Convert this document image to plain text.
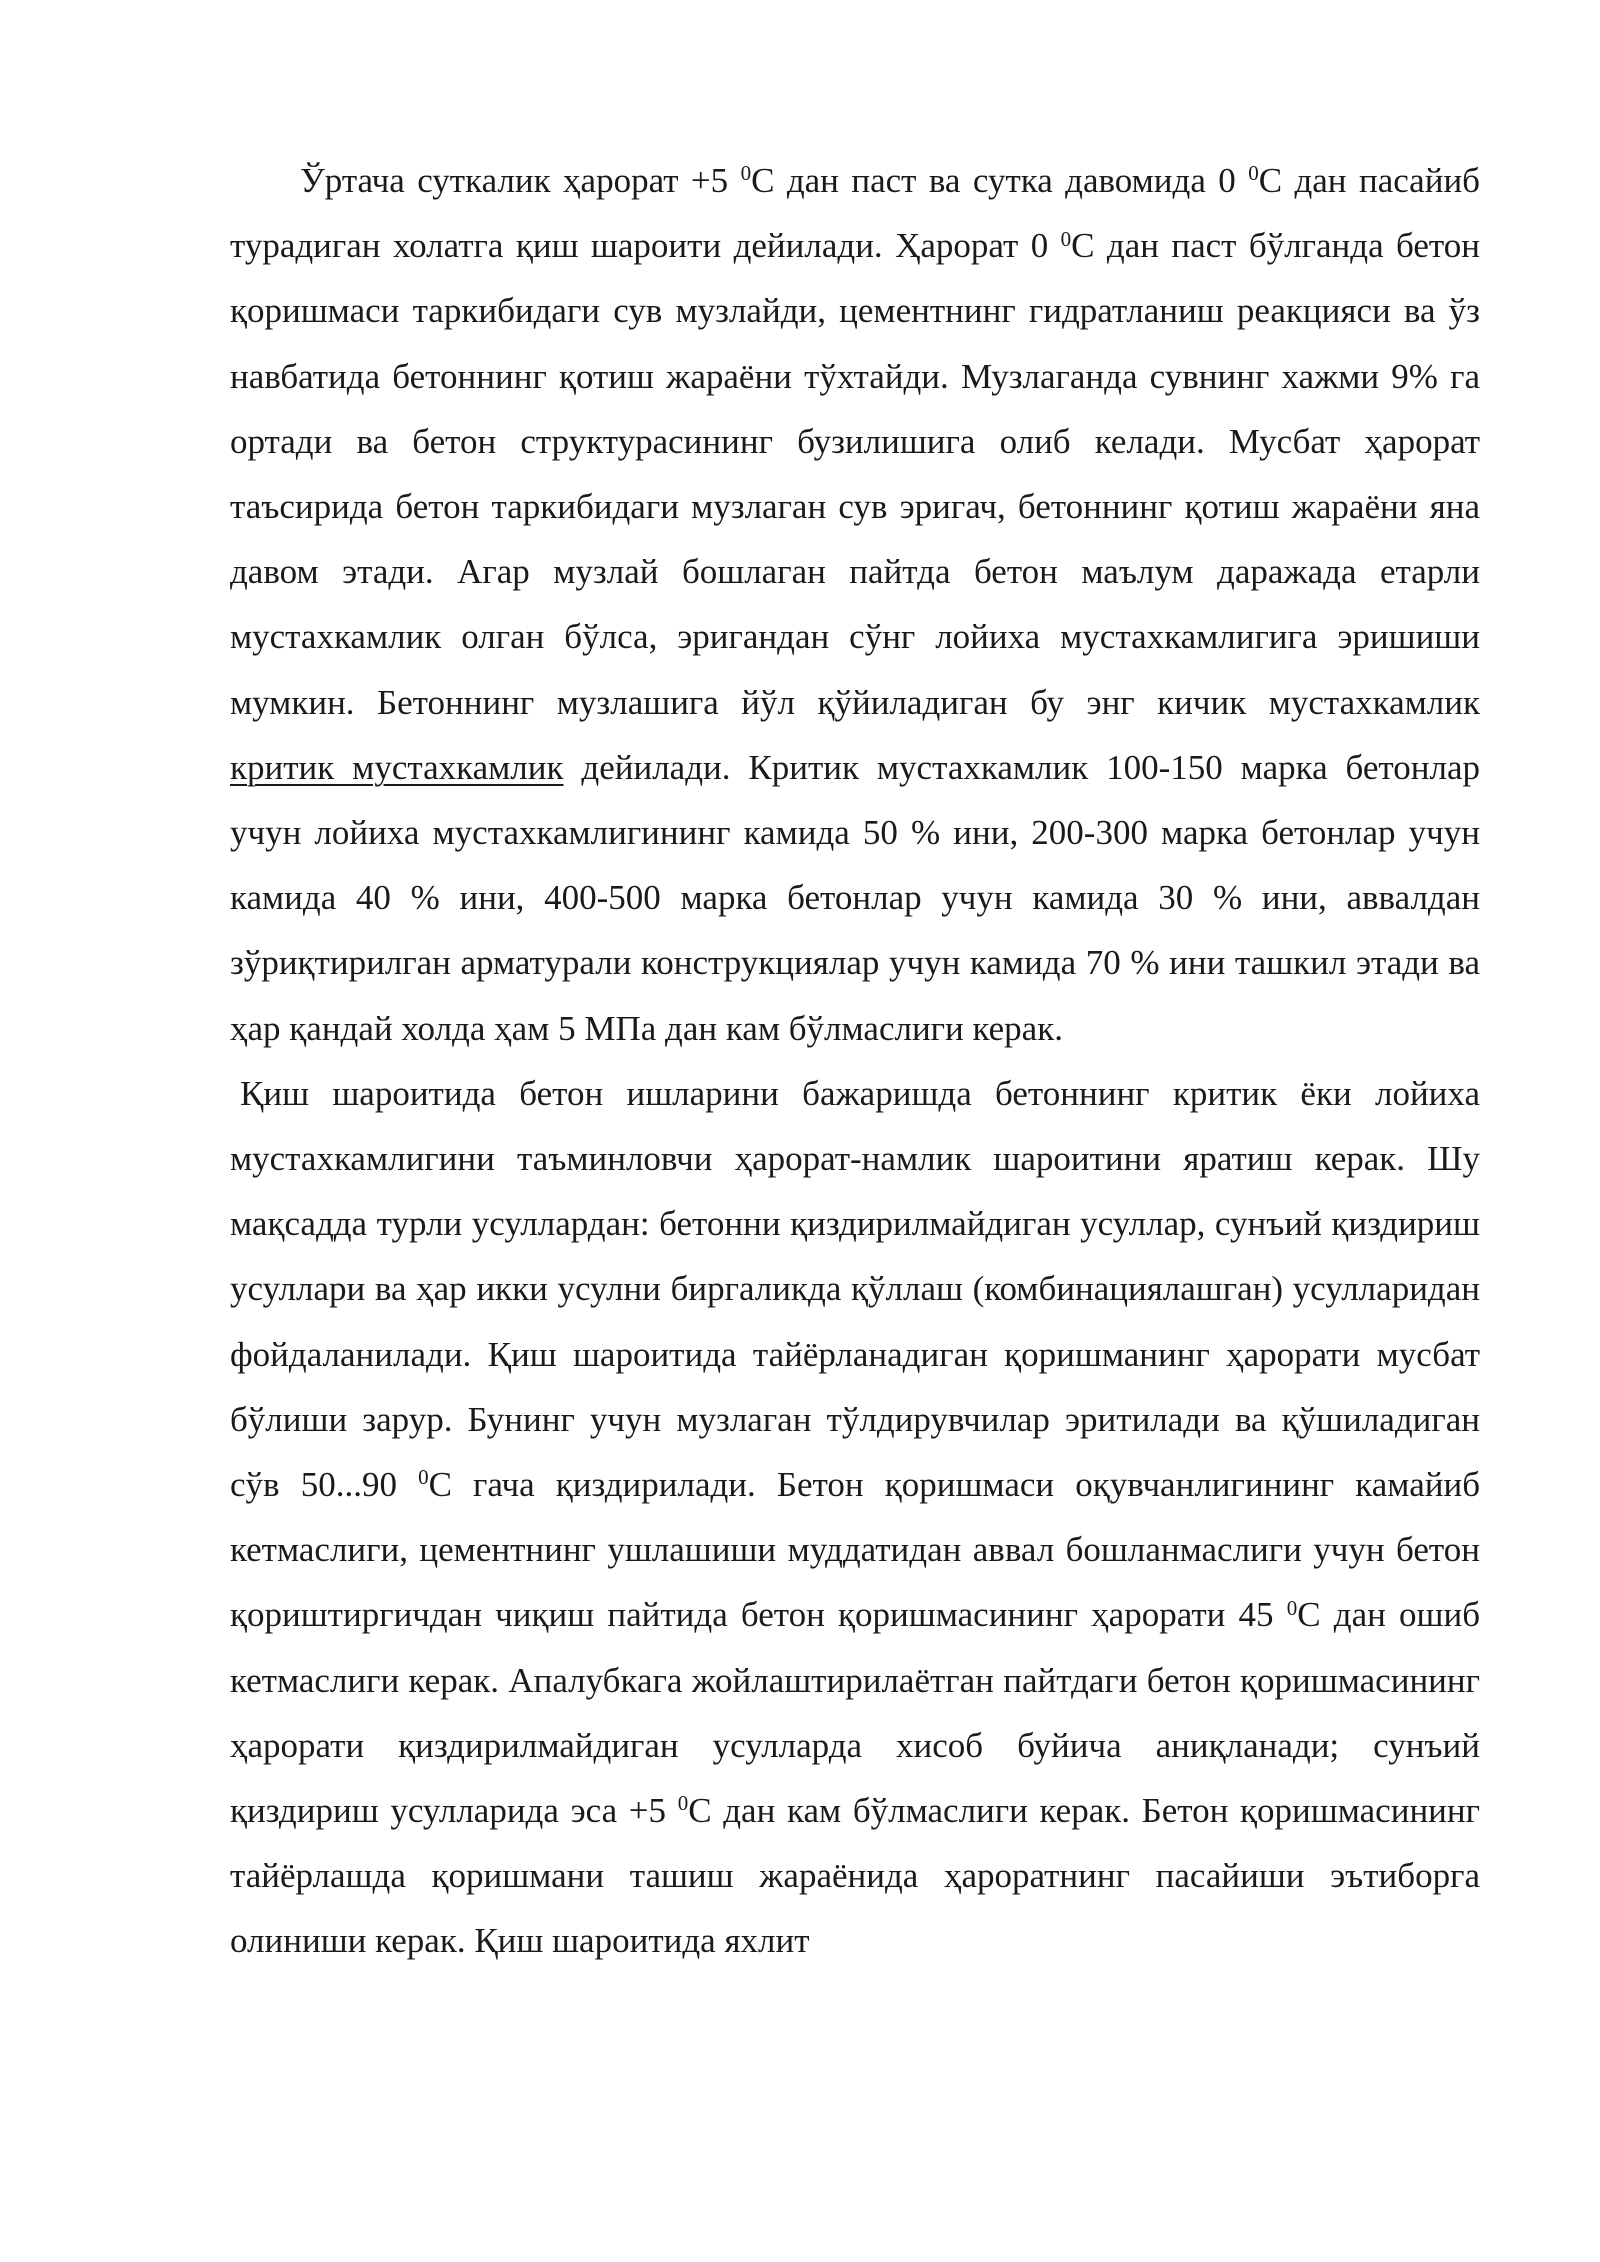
Ўртача суткалик ҳарорат +5 $^0$С дан паст ва сутка давомида 0 $^0$С дан пасайиб турадиган холатга қиш шароити дейилади. Ҳарорат 0 $^0$С дан паст бўлганда бетон қоришмаси таркибидаги сув музлайди, цементнинг гидратланиш реакцияси ва ўз навбатида бетоннинг қотиш жараёни тўхтайди. Музлаганда сувнинг хажми 9% га ортади ва бетон структурасининг бузилишига олиб келади. Мусбат ҳарорат таъсирида бетон таркибидаги музлаган сув эригач, бетоннинг қотиш жараёни яна давом этади. Агар музлай бошлаган пайтда бетон маълум даражада етарли мустахкамлик олган бўлса, эригандан сўнг лойиха мустахкамлигига эришиши мумкин. Бетоннинг музлашига йўл қўйиладиган бу энг кичик мустахкамлик критик мустахкамлик дейилади. Критик мустахкамлик 100-150 марка бетонлар учун лойиха мустахкамлигининг камида 50 % ини, 200-300 марка бетонлар учун камида 40 % ини, 400-500 марка бетонлар учун камида 30 % ини, аввалдан зўриқтирилган арматурали конструкциялар учун камида 70 % ини ташкил этади ва ҳар қандай холда ҳам 5 МПа дан кам бўлмаслиги керак.

Қиш шароитида бетон ишларини бажаришда бетоннинг критик ёки лойиха мустахкамлигини таъминловчи ҳарорат-намлик шароитини яратиш керак. Шу мақсадда турли усуллардан: бетонни қиздирилмайдиган усуллар, сунъий қиздириш усуллари ва ҳар икки усулни биргаликда қўллаш (комбинациялашган) усулларидан фойдаланилади. Қиш шароитида тайёрланадиган қоришманинг ҳарорати мусбат бўлиши зарур. Бунинг учун музлаган тўлдирувчилар эритилади ва қўшиладиган сўв 50...90 $^0$С гача қиздирилади. Бетон қоришмаси оқувчанлигининг камайиб кетмаслиги, цементнинг ушлашиши муддатидан аввал бошланмаслиги учун бетон қориштиргичдан чиқиш пайтида бетон қоришмасининг ҳарорати 45 $^0$С дан ошиб кетмаслиги керак. Апалубкага жойлаштирилаётган пайтдаги бетон қоришмасининг ҳарорати қиздирилмайдиган усулларда хисоб буйича аниқланади; сунъий қиздириш усулларида эса +5 $^0$С дан кам бўлмаслиги керак. Бетон қоришмасининг тайёрлашда қоришмани ташиш жараёнида ҳароратнинг пасайиши эътиборга олиниши керак. Қиш шароитида яхлит
